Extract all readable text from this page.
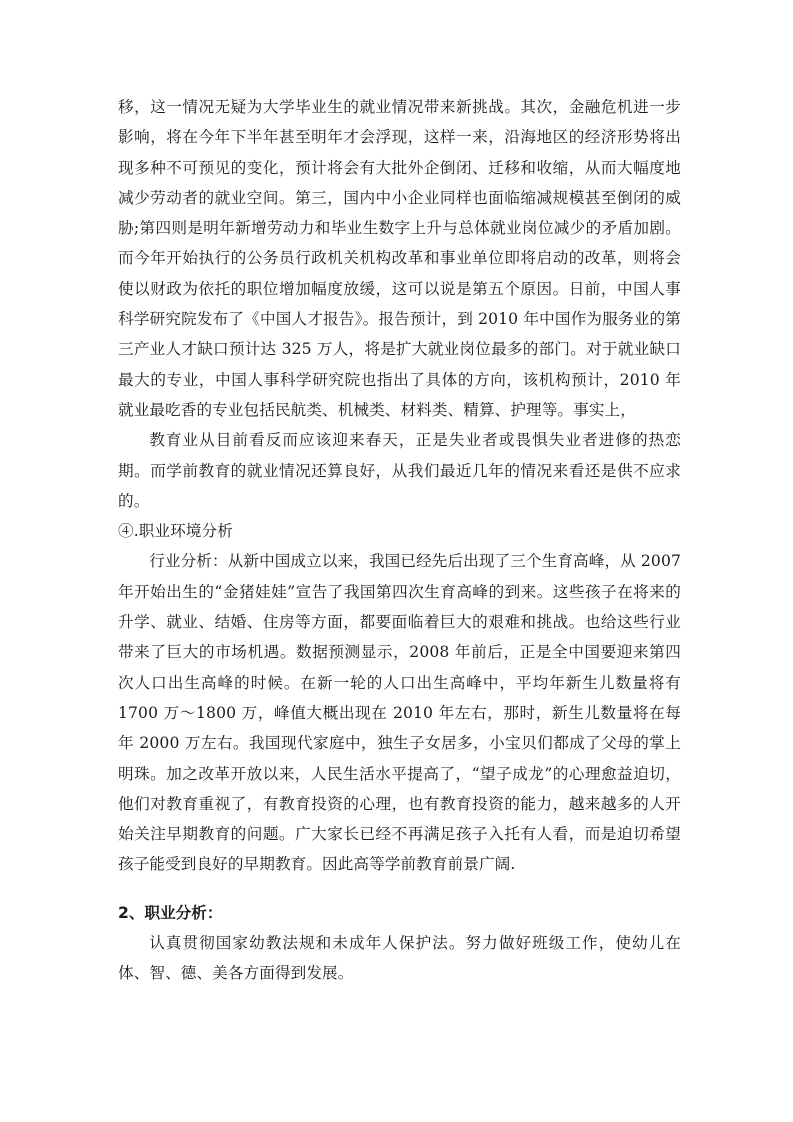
移，这一情况无疑为大学毕业生的就业情况带来新挑战。其次，金融危机进一步影响，将在今年下半年甚至明年才会浮现，这样一来，沿海地区的经济形势将出现多种不可预见的变化，预计将会有大批外企倒闭、迁移和收缩，从而大幅度地减少劳动者的就业空间。第三，国内中小企业同样也面临缩减规模甚至倒闭的威胁;第四则是明年新增劳动力和毕业生数字上升与总体就业岗位减少的矛盾加剧。而今年开始执行的公务员行政机关机构改革和事业单位即将启动的改革，则将会使以财政为依托的职位增加幅度放缓，这可以说是第五个原因。日前，中国人事科学研究院发布了《中国人才报告》。报告预计，到 2010 年中国作为服务业的第三产业人才缺口预计达 325 万人，将是扩大就业岗位最多的部门。对于就业缺口最大的专业，中国人事科学研究院也指出了具体的方向，该机构预计，2010 年就业最吃香的专业包括民航类、机械类、材料类、精算、护理等。事实上，

教育业从目前看反而应该迎来春天，正是失业者或畏惧失业者进修的热恋期。而学前教育的就业情况还算良好，从我们最近几年的情况来看还是供不应求的。

④.职业环境分析

行业分析：从新中国成立以来，我国已经先后出现了三个生育高峰，从 2007 年开始出生的“金猪娃娃”宣告了我国第四次生育高峰的到来。这些孩子在将来的升学、就业、结婚、住房等方面，都要面临着巨大的艰难和挑战。也给这些行业带来了巨大的市场机遇。数据预测显示，2008 年前后，正是全中国要迎来第四次人口出生高峰的时候。在新一轮的人口出生高峰中，平均年新生儿数量将有 1700 万～1800 万，峰值大概出现在 2010 年左右，那时，新生儿数量将在每年 2000 万左右。我国现代家庭中，独生子女居多，小宝贝们都成了父母的掌上明珠。加之改革开放以来，人民生活水平提高了，“望子成龙”的心理愈益迫切，他们对教育重视了，有教育投资的心理，也有教育投资的能力，越来越多的人开始关注早期教育的问题。广大家长已经不再满足孩子入托有人看，而是迫切希望孩子能受到良好的早期教育。因此高等学前教育前景广阔.

2、职业分析：

认真贯彻国家幼教法规和未成年人保护法。努力做好班级工作，使幼儿在体、智、德、美各方面得到发展。
